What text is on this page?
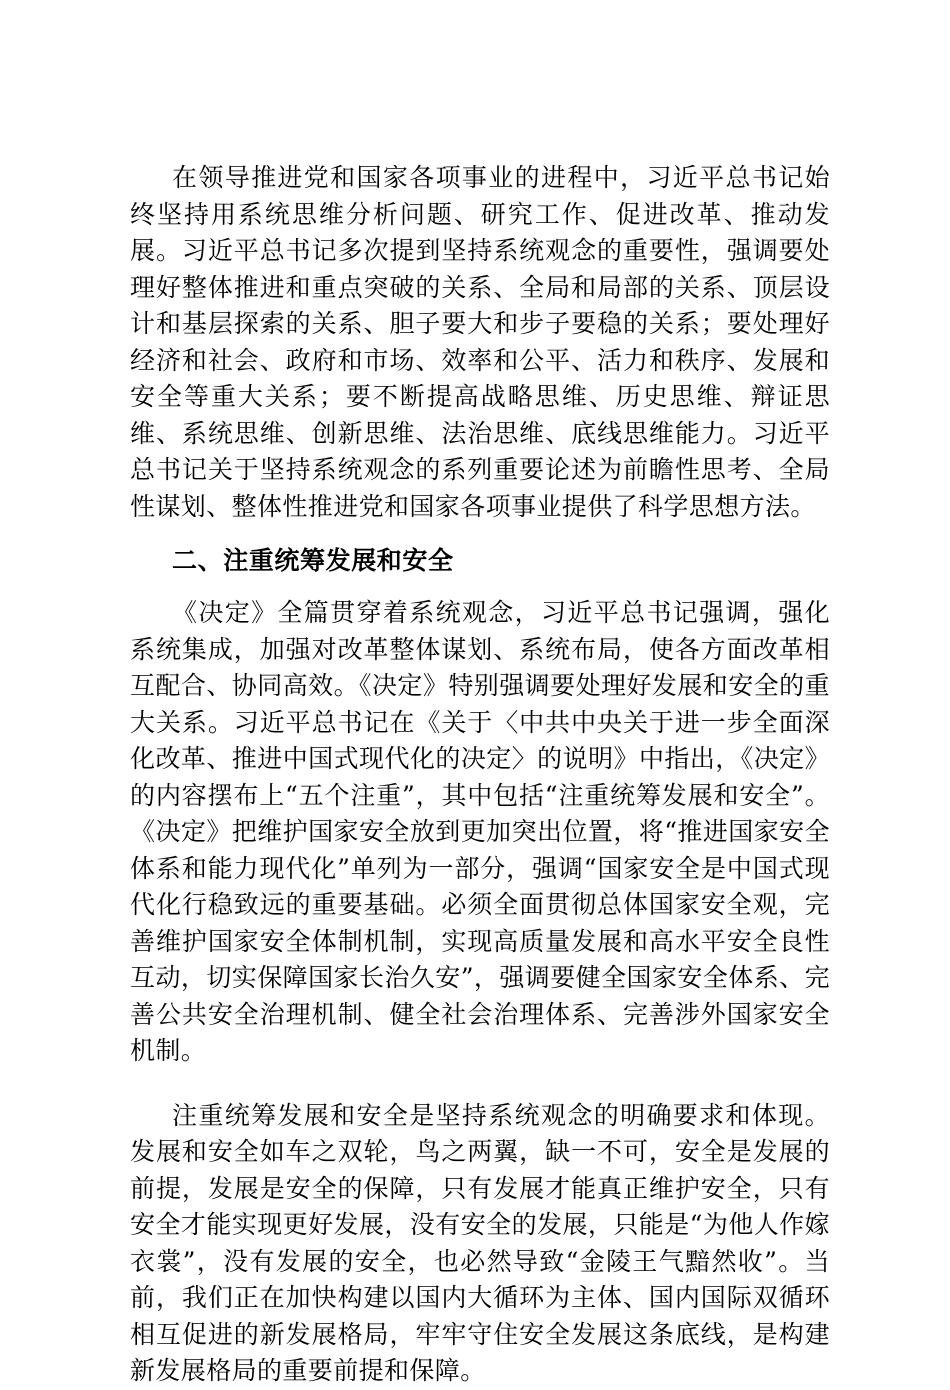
在领导推进党和国家各项事业的进程中，习近平总书记始终坚持用系统思维分析问题、研究工作、促进改革、推动发展。习近平总书记多次提到坚持系统观念的重要性，强调要处理好整体推进和重点突破的关系、全局和局部的关系、顶层设计和基层探索的关系、胆子要大和步子要稳的关系；要处理好经济和社会、政府和市场、效率和公平、活力和秩序、发展和安全等重大关系；要不断提高战略思维、历史思维、辩证思维、系统思维、创新思维、法治思维、底线思维能力。习近平总书记关于坚持系统观念的系列重要论述为前瞻性思考、全局性谋划、整体性推进党和国家各项事业提供了科学思想方法。

二、注重统筹发展和安全

《决定》全篇贯穿着系统观念，习近平总书记强调，强化系统集成，加强对改革整体谋划、系统布局，使各方面改革相互配合、协同高效。《决定》特别强调要处理好发展和安全的重大关系。习近平总书记在《关于〈中共中央关于进一步全面深化改革、推进中国式现代化的决定〉的说明》中指出，《决定》的内容摆布上“五个注重”，其中包括“注重统筹发展和安全”。《决定》把维护国家安全放到更加突出位置，将“推进国家安全体系和能力现代化”单列为一部分，强调“国家安全是中国式现代化行稳致远的重要基础。必须全面贯彻总体国家安全观，完善维护国家安全体制机制，实现高质量发展和高水平安全良性互动，切实保障国家长治久安”，强调要健全国家安全体系、完善公共安全治理机制、健全社会治理体系、完善涉外国家安全机制。

注重统筹发展和安全是坚持系统观念的明确要求和体现。发展和安全如车之双轮，鸟之两翼，缺一不可，安全是发展的前提，发展是安全的保障，只有发展才能真正维护安全，只有安全才能实现更好发展，没有安全的发展，只能是“为他人作嫁衣裳”，没有发展的安全，也必然导致“金陵王气黯然收”。当前，我们正在加快构建以国内大循环为主体、国内国际双循环相互促进的新发展格局，牢牢守住安全发展这条底线，是构建新发展格局的重要前提和保障。
